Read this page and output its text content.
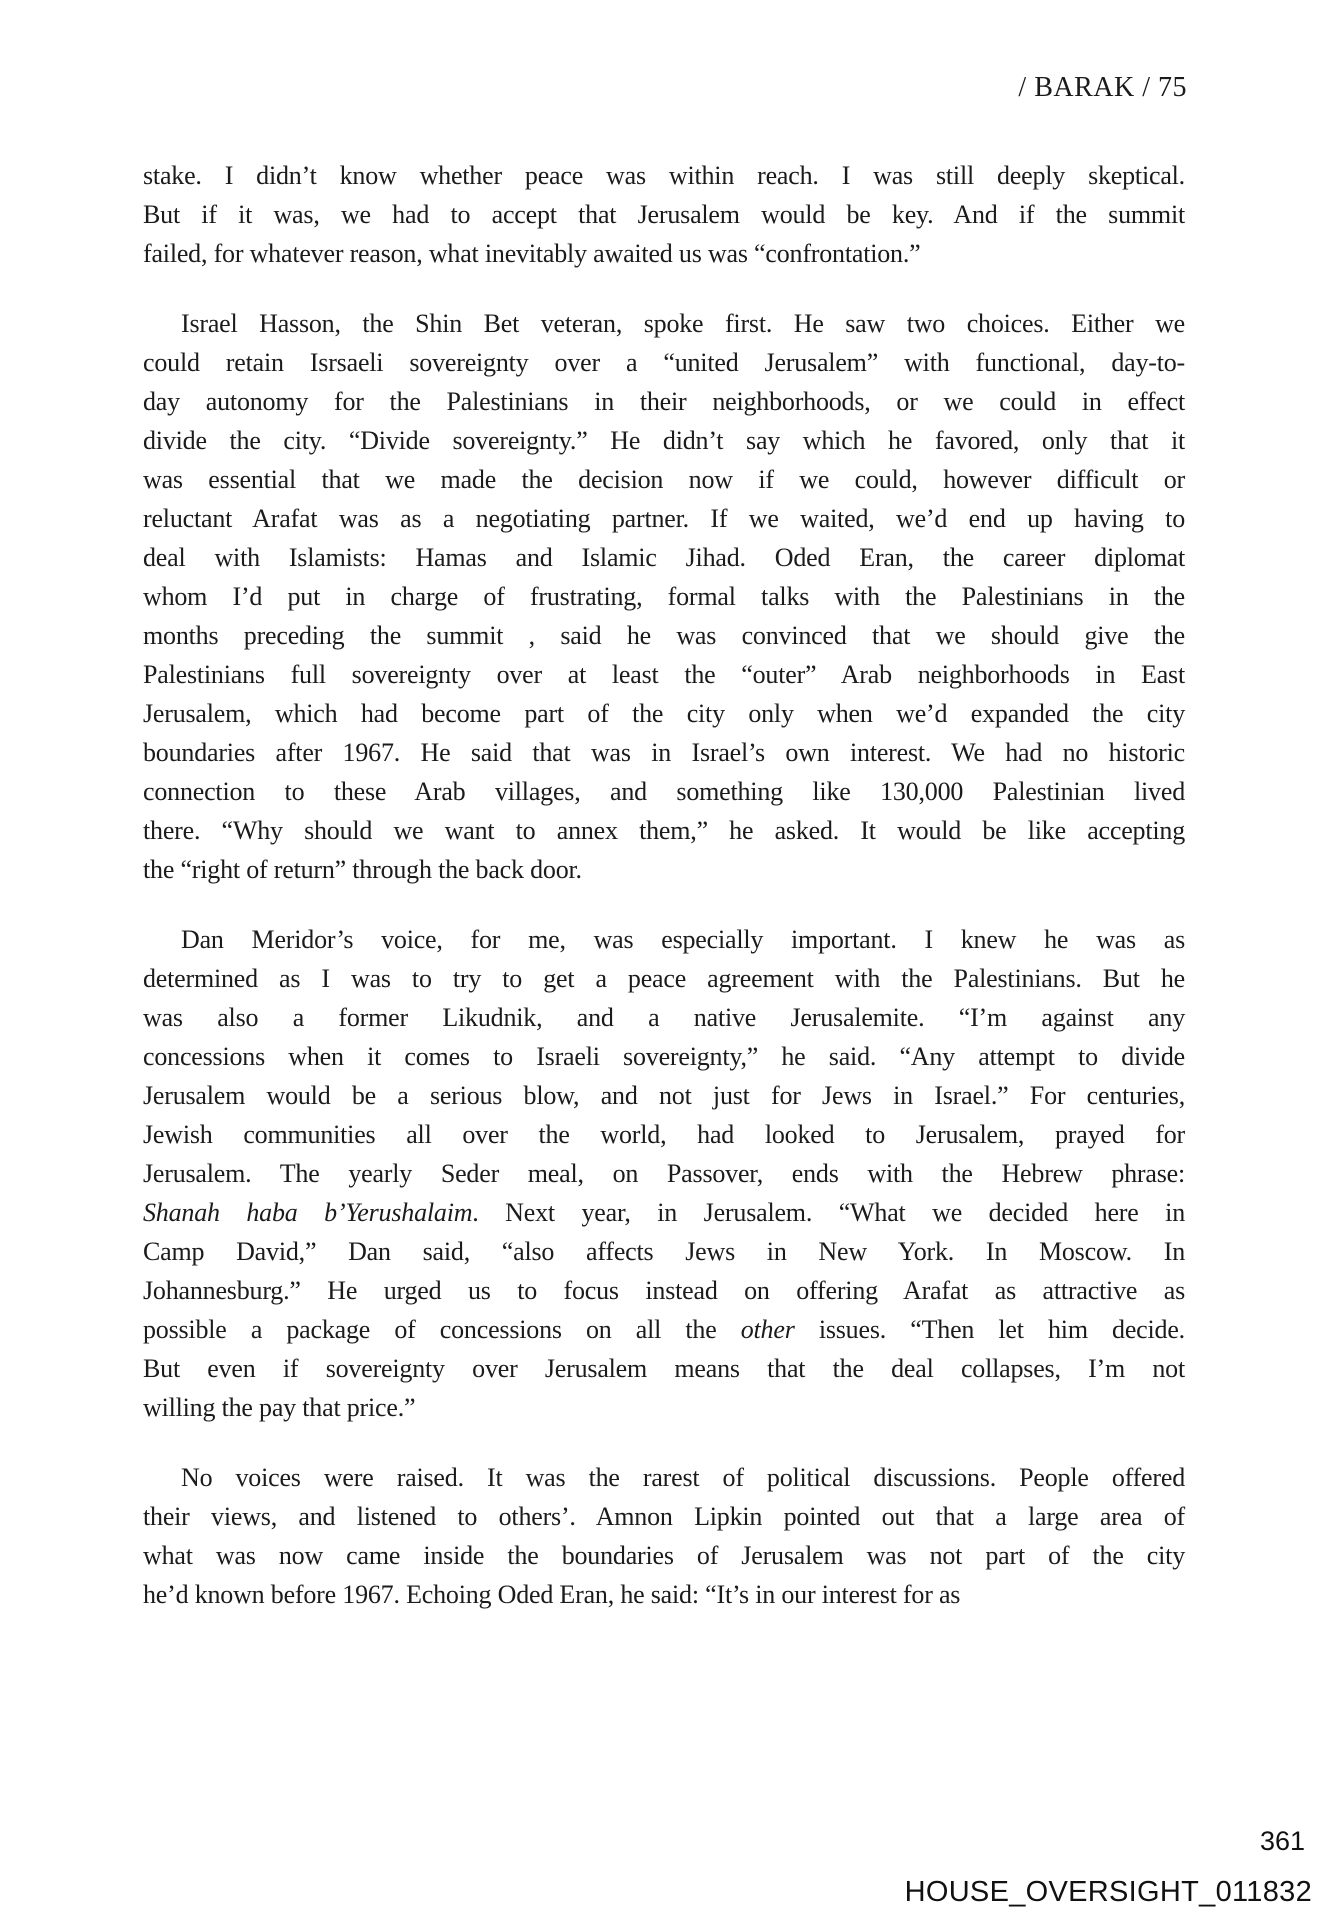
/ BARAK / 75
stake. I didn’t know whether peace was within reach. I was still deeply skeptical.
But if it was, we had to accept that Jerusalem would be key. And if the summit
failed, for whatever reason, what inevitably awaited us was “confrontation.”
Israel Hasson, the Shin Bet veteran, spoke first. He saw two choices. Either we
could retain Isrsaeli sovereignty over a “united Jerusalem” with functional, day-to-
day autonomy for the Palestinians in their neighborhoods, or we could in effect
divide the city. “Divide sovereignty.” He didn’t say which he favored, only that it
was essential that we made the decision now if we could, however difficult or
reluctant Arafat was as a negotiating partner. If we waited, we’d end up having to
deal with Islamists: Hamas and Islamic Jihad. Oded Eran, the career diplomat
whom I’d put in charge of frustrating, formal talks with the Palestinians in the
months preceding the summit , said he was convinced that we should give the
Palestinians full sovereignty over at least the “outer” Arab neighborhoods in East
Jerusalem, which had become part of the city only when we’d expanded the city
boundaries after 1967. He said that was in Israel’s own interest. We had no historic
connection to these Arab villages, and something like 130,000 Palestinian lived
there. “Why should we want to annex them,” he asked. It would be like accepting
the “right of return” through the back door.
Dan Meridor’s voice, for me, was especially important. I knew he was as
determined as I was to try to get a peace agreement with the Palestinians. But he
was also a former Likudnik, and a native Jerusalemite. “I’m against any
concessions when it comes to Israeli sovereignty,” he said. “Any attempt to divide
Jerusalem would be a serious blow, and not just for Jews in Israel.” For centuries,
Jewish communities all over the world, had looked to Jerusalem, prayed for
Jerusalem. The yearly Seder meal, on Passover, ends with the Hebrew phrase:
Shanah haba b’Yerushalaim. Next year, in Jerusalem. “What we decided here in
Camp David,” Dan said, “also affects Jews in New York. In Moscow. In
Johannesburg.” He urged us to focus instead on offering Arafat as attractive as
possible a package of concessions on all the other issues. “Then let him decide.
But even if sovereignty over Jerusalem means that the deal collapses, I’m not
willing the pay that price.”
No voices were raised. It was the rarest of political discussions. People offered
their views, and listened to others’. Amnon Lipkin pointed out that a large area of
what was now came inside the boundaries of Jerusalem was not part of the city
he’d known before 1967. Echoing Oded Eran, he said: “It’s in our interest for as
361
HOUSE_OVERSIGHT_011832
